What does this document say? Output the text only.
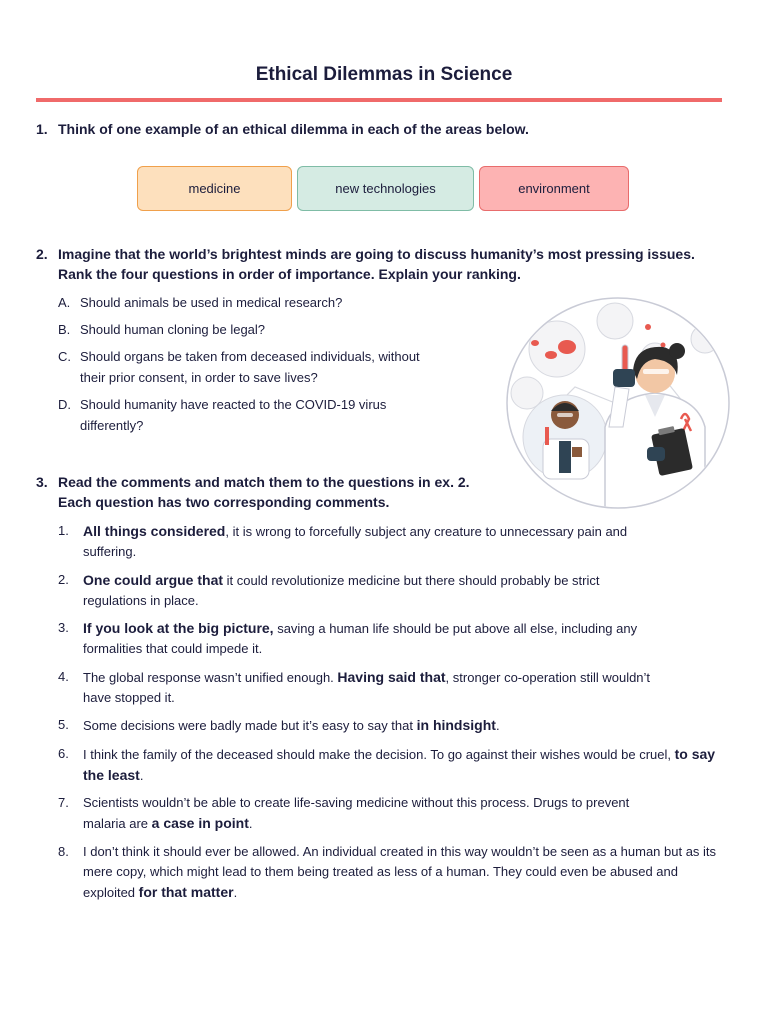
Ethical Dilemmas in Science
1. Think of one example of an ethical dilemma in each of the areas below.
medicine	new technologies	environment
2. Imagine that the world’s brightest minds are going to discuss humanity’s most pressing issues. Rank the four questions in order of importance. Explain your ranking.
A. Should animals be used in medical research?
B. Should human cloning be legal?
C. Should organs be taken from deceased individuals, without their prior consent, in order to save lives?
D. Should humanity have reacted to the COVID-19 virus differently?
3. Read the comments and match them to the questions in ex. 2. Each question has two corresponding comments.
1.	All things considered, it is wrong to forcefully subject any creature to unnecessary pain and suffering.
2.	One could argue that it could revolutionize medicine but there should probably be strict regulations in place.
3.	If you look at the big picture, saving a human life should be put above all else, including any formalities that could impede it.
4.	The global response wasn’t unified enough. Having said that, stronger co-operation still wouldn’t have stopped it.
5.	Some decisions were badly made but it’s easy to say that in hindsight.
6.	I think the family of the deceased should make the decision. To go against their wishes would be cruel, to say the least.
7.	Scientists wouldn’t be able to create life-saving medicine without this process. Drugs to prevent malaria are a case in point.
8.	I don’t think it should ever be allowed. An individual created in this way wouldn’t be seen as a human but as its mere copy, which might lead to them being treated as less of a human. They could even be abused and exploited for that matter.
